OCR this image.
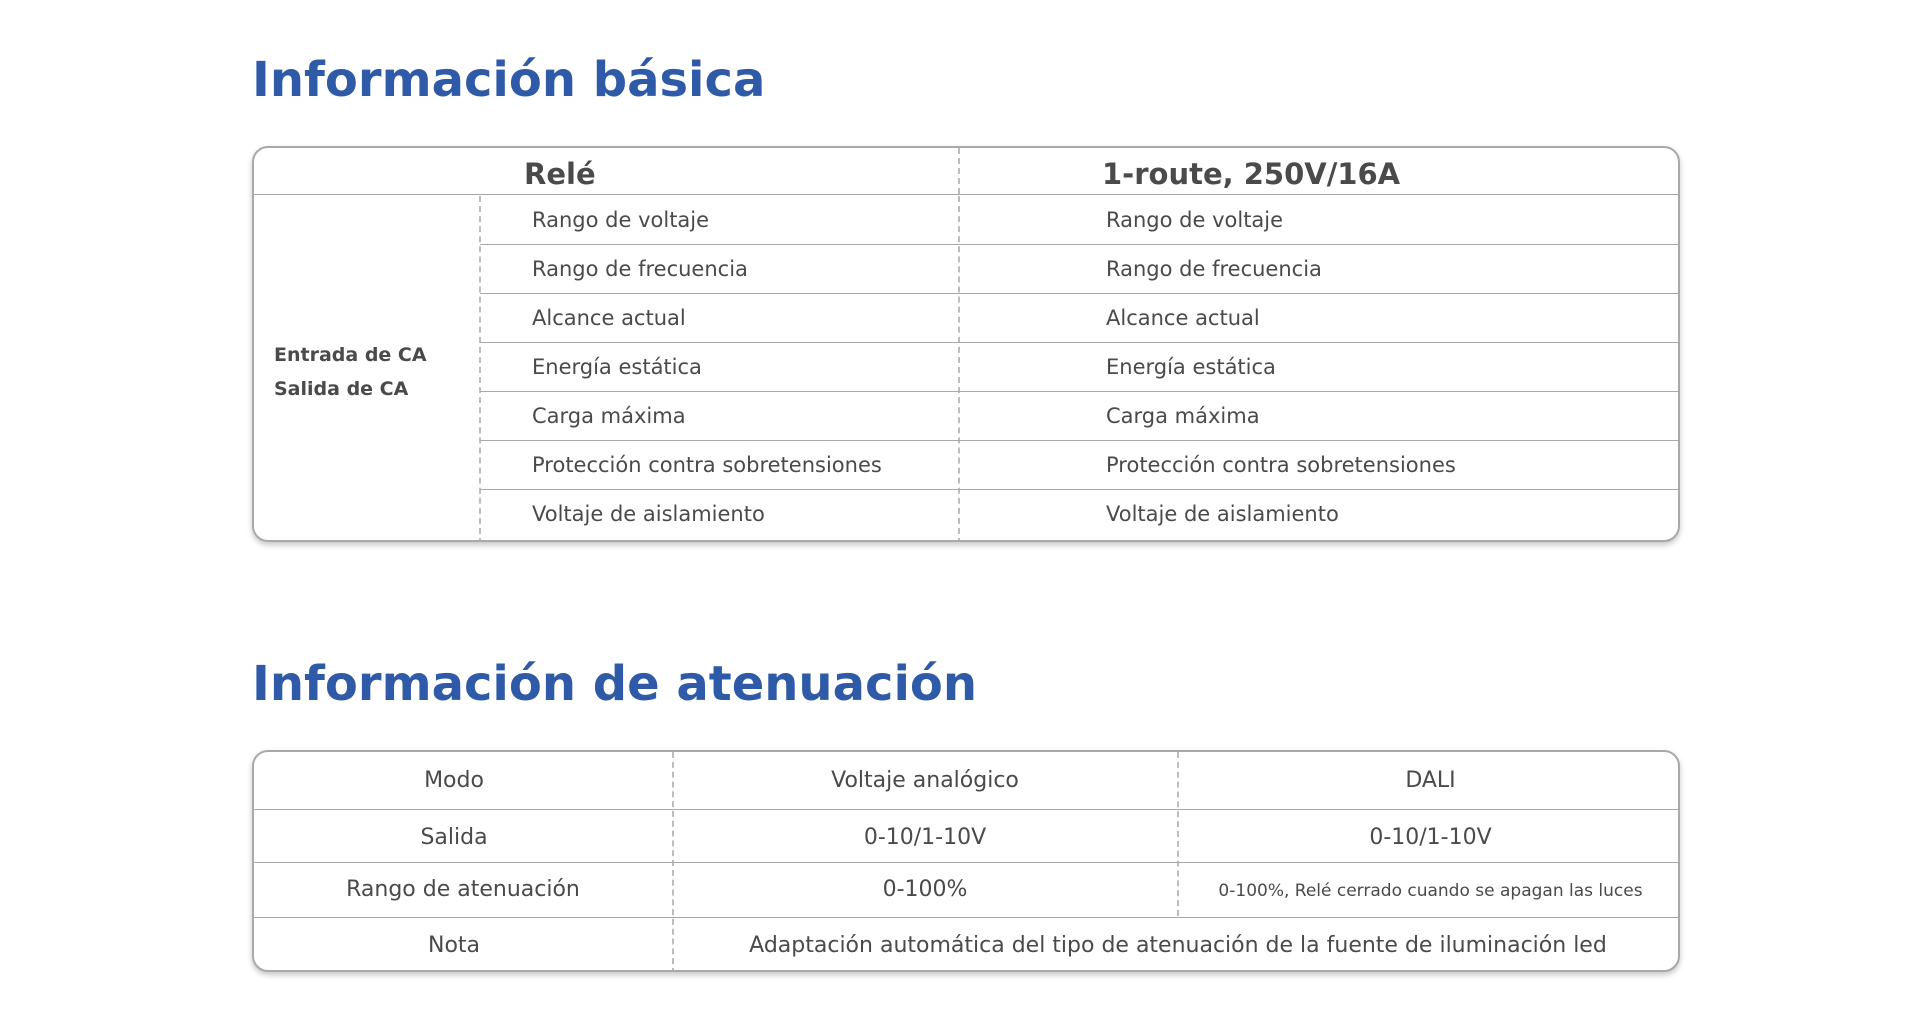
Información básica
Relé	1-route, 250V/16A
Entrada de CA
Salida de CA
Rango de voltaje	Rango de voltaje
Rango de frecuencia	Rango de frecuencia
Alcance actual	Alcance actual
Energía estática	Energía estática
Carga máxima	Carga máxima
Protección contra sobretensiones	Protección contra sobretensiones
Voltaje de aislamiento	Voltaje de aislamiento
Información de atenuación
Modo	Voltaje analógico	DALI
Salida	0-10/1-10V	0-10/1-10V
Rango de atenuación	0-100%	0-100%, Relé cerrado cuando se apagan las luces
Nota	Adaptación automática del tipo de atenuación de la fuente de iluminación led
